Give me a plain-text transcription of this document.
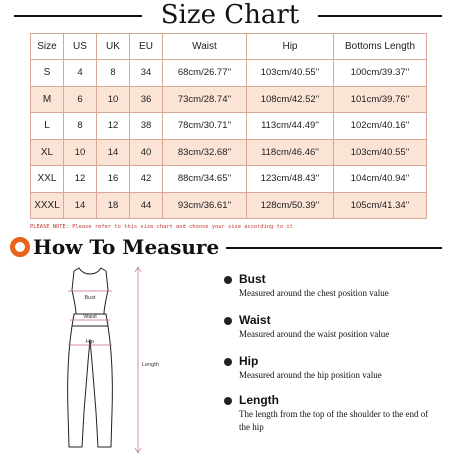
Size Chart
Size	US	UK	EU	Waist	Hip	Bottoms Length
S	4	8	34	68cm/26.77''	103cm/40.55''	100cm/39.37''
M	6	10	36	73cm/28.74''	108cm/42.52''	101cm/39.76''
L	8	12	38	78cm/30.71''	113cm/44.49''	102cm/40.16''
XL	10	14	40	83cm/32.68''	118cm/46.46''	103cm/40.55''
XXL	12	16	42	88cm/34.65''	123cm/48.43''	104cm/40.94''
XXXL	14	18	44	93cm/36.61''	128cm/50.39''	105cm/41.34''
PLEASE NOTE: Please refer to this size chart and choose your size according to it
How To Measure
Bust
Waist
Hip
Length
Bust
Measured around the chest position value
Waist
Measured around the waist position value
Hip
Measured around the hip position value
Length
The length from the top of the shoulder to the end of the hip
